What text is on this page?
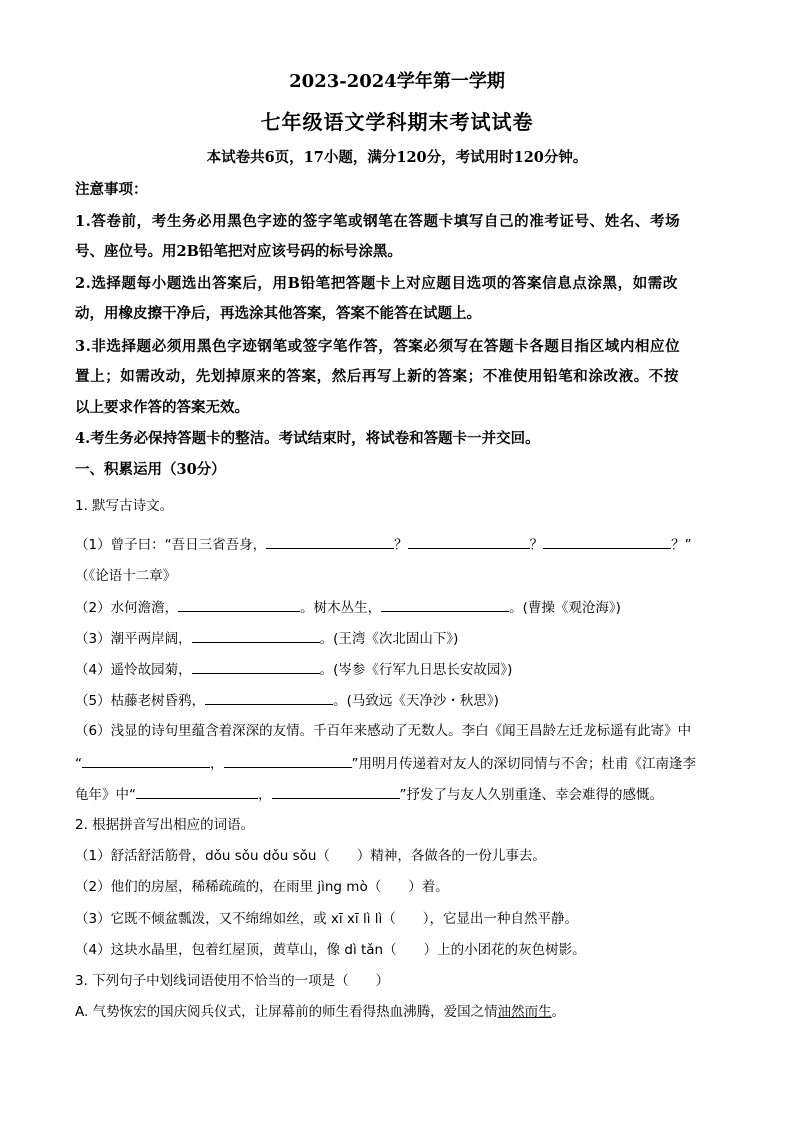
2023-2024学年第一学期
七年级语文学科期末考试试卷
本试卷共6页，17小题，满分120分，考试用时120分钟。
注意事项：
1.答卷前，考生务必用黑色字迹的签字笔或钢笔在答题卡填写自己的准考证号、姓名、考场
号、座位号。用2B铅笔把对应该号码的标号涂黑。
2.选择题每小题选出答案后，用B铅笔把答题卡上对应题目选项的答案信息点涂黑，如需改
动，用橡皮擦干净后，再选涂其他答案，答案不能答在试题上。
3.非选择题必须用黑色字迹钢笔或签字笔作答，答案必须写在答题卡各题目指区域内相应位
置上；如需改动，先划掉原来的答案，然后再写上新的答案；不准使用铅笔和涂改液。不按
以上要求作答的答案无效。
4.考生务必保持答题卡的整洁。考试结束时，将试卷和答题卡一并交回。
一、积累运用（30分）
1. 默写古诗文。
（1）曾子曰：“吾日三省吾身，	？	？	？”
（《论语十二章》
（2）水何澹澹，	。树木丛生，	。(曹操《观沧海》)
（3）潮平两岸阔，	。(王湾《次北固山下》)
（4）遥怜故园菊，	。(岑参《行军九日思长安故园》)
（5）枯藤老树昏鸦，	。(马致远《天净沙・秋思》)
（6）浅显的诗句里蕴含着深深的友情。千百年来感动了无数人。李白《闻王昌龄左迁龙标遥有此寄》中
“	，	”用明月传递着对友人的深切同情与不舍；杜甫《江南逢李
龟年》中“	，	”抒发了与友人久别重逢、幸会难得的感慨。
2. 根据拼音写出相应的词语。
（1）舒活舒活筋骨，dǒu sǒu dǒu sǒu（　　）精神，各做各的一份儿事去。
（2）他们的房屋，稀稀疏疏的，在雨里 jìng mò（　　）着。
（3）它既不倾盆瓢泼，又不绵绵如丝，或 xī xī lì lì（　　），它显出一种自然平静。
（4）这块水晶里，包着红屋顶，黄草山，像 dì tǎn（　　）上的小团花的灰色树影。
3. 下列句子中划线词语使用不恰当的一项是（　　）
A. 气势恢宏的国庆阅兵仪式，让屏幕前的师生看得热血沸腾，爱国之情油然而生。
